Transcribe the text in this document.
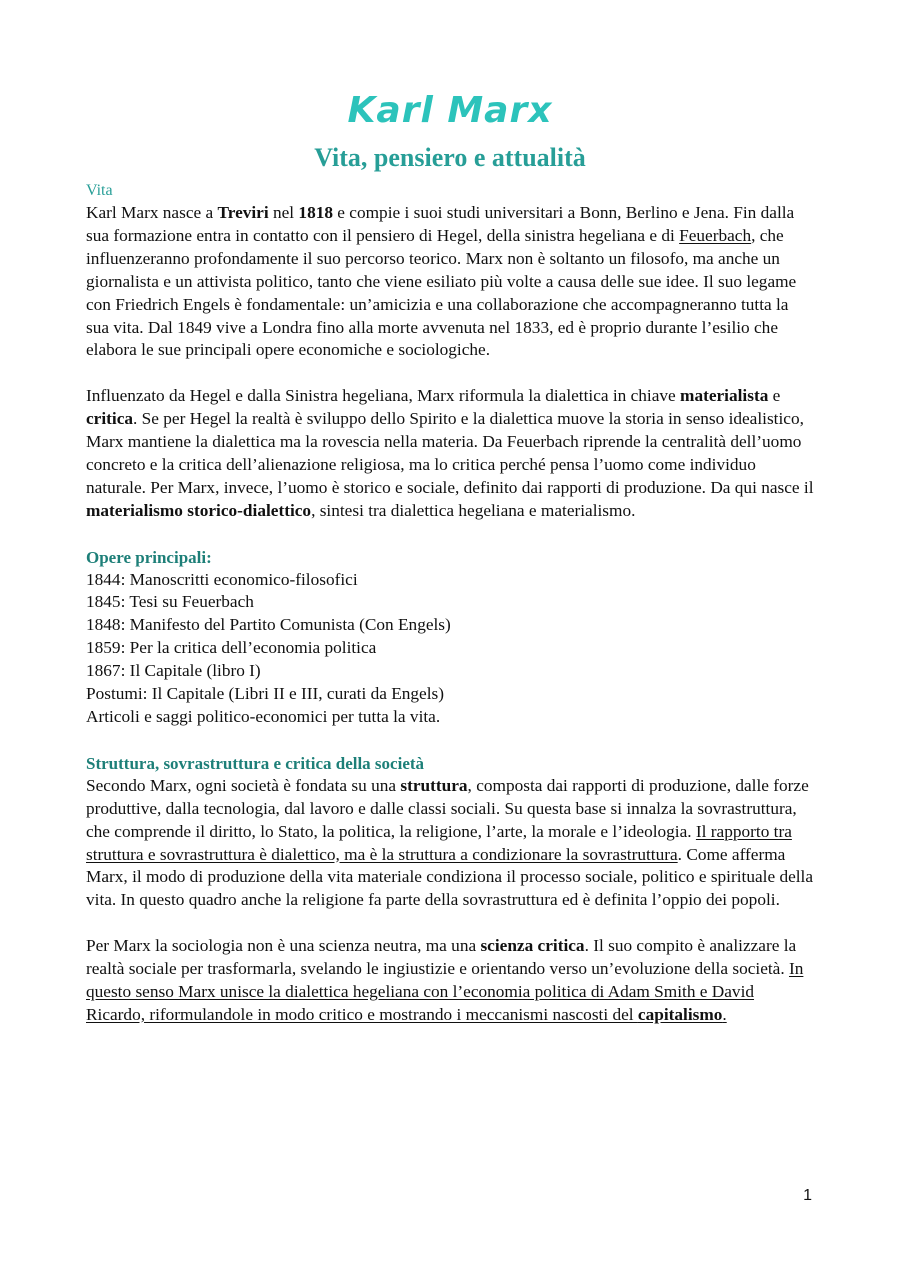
Karl Marx
Vita, pensiero e attualità
Vita

Karl Marx nasce a Treviri nel 1818 e compie i suoi studi universitari a Bonn, Berlino e Jena. Fin dalla sua formazione entra in contatto con il pensiero di Hegel, della sinistra hegeliana e di Feuerbach, che influenzeranno profondamente il suo percorso teorico. Marx non è soltanto un filosofo, ma anche un giornalista e un attivista politico, tanto che viene esiliato più volte a causa delle sue idee. Il suo legame con Friedrich Engels è fondamentale: un’amicizia e una collaborazione che accompagneranno tutta la sua vita. Dal 1849 vive a Londra fino alla morte avvenuta nel 1833, ed è proprio durante l’esilio che elabora le sue principali opere economiche e sociologiche.

Influenzato da Hegel e dalla Sinistra hegeliana, Marx riformula la dialettica in chiave materialista e critica. Se per Hegel la realtà è sviluppo dello Spirito e la dialettica muove la storia in senso idealistico, Marx mantiene la dialettica ma la rovescia nella materia. Da Feuerbach riprende la centralità dell’uomo concreto e la critica dell’alienazione religiosa, ma lo critica perché pensa l’uomo come individuo naturale. Per Marx, invece, l’uomo è storico e sociale, definito dai rapporti di produzione. Da qui nasce il materialismo storico-dialettico, sintesi tra dialettica hegeliana e materialismo.

Opere principali:
1844: Manoscritti economico-filosofici
1845: Tesi su Feuerbach
1848: Manifesto del Partito Comunista (Con Engels)
1859: Per la critica dell’economia politica
1867: Il Capitale (libro I)
Postumi: Il Capitale (Libri II e III, curati da Engels)
Articoli e saggi politico-economici per tutta la vita.
Struttura, sovrastruttura e critica della società

Secondo Marx, ogni società è fondata su una struttura, composta dai rapporti di produzione, dalle forze produttive, dalla tecnologia, dal lavoro e dalle classi sociali. Su questa base si innalza la sovrastruttura, che comprende il diritto, lo Stato, la politica, la religione, l’arte, la morale e l’ideologia. Il rapporto tra struttura e sovrastruttura è dialettico, ma è la struttura a condizionare la sovrastruttura. Come afferma Marx, il modo di produzione della vita materiale condiziona il processo sociale, politico e spirituale della vita. In questo quadro anche la religione fa parte della sovrastruttura ed è definita l’oppio dei popoli.

Per Marx la sociologia non è una scienza neutra, ma una scienza critica. Il suo compito è analizzare la realtà sociale per trasformarla, svelando le ingiustizie e orientando verso un’evoluzione della società. In questo senso Marx unisce la dialettica hegeliana con l’economia politica di Adam Smith e David Ricardo, riformulandole in modo critico e mostrando i meccanismi nascosti del capitalismo.

1
